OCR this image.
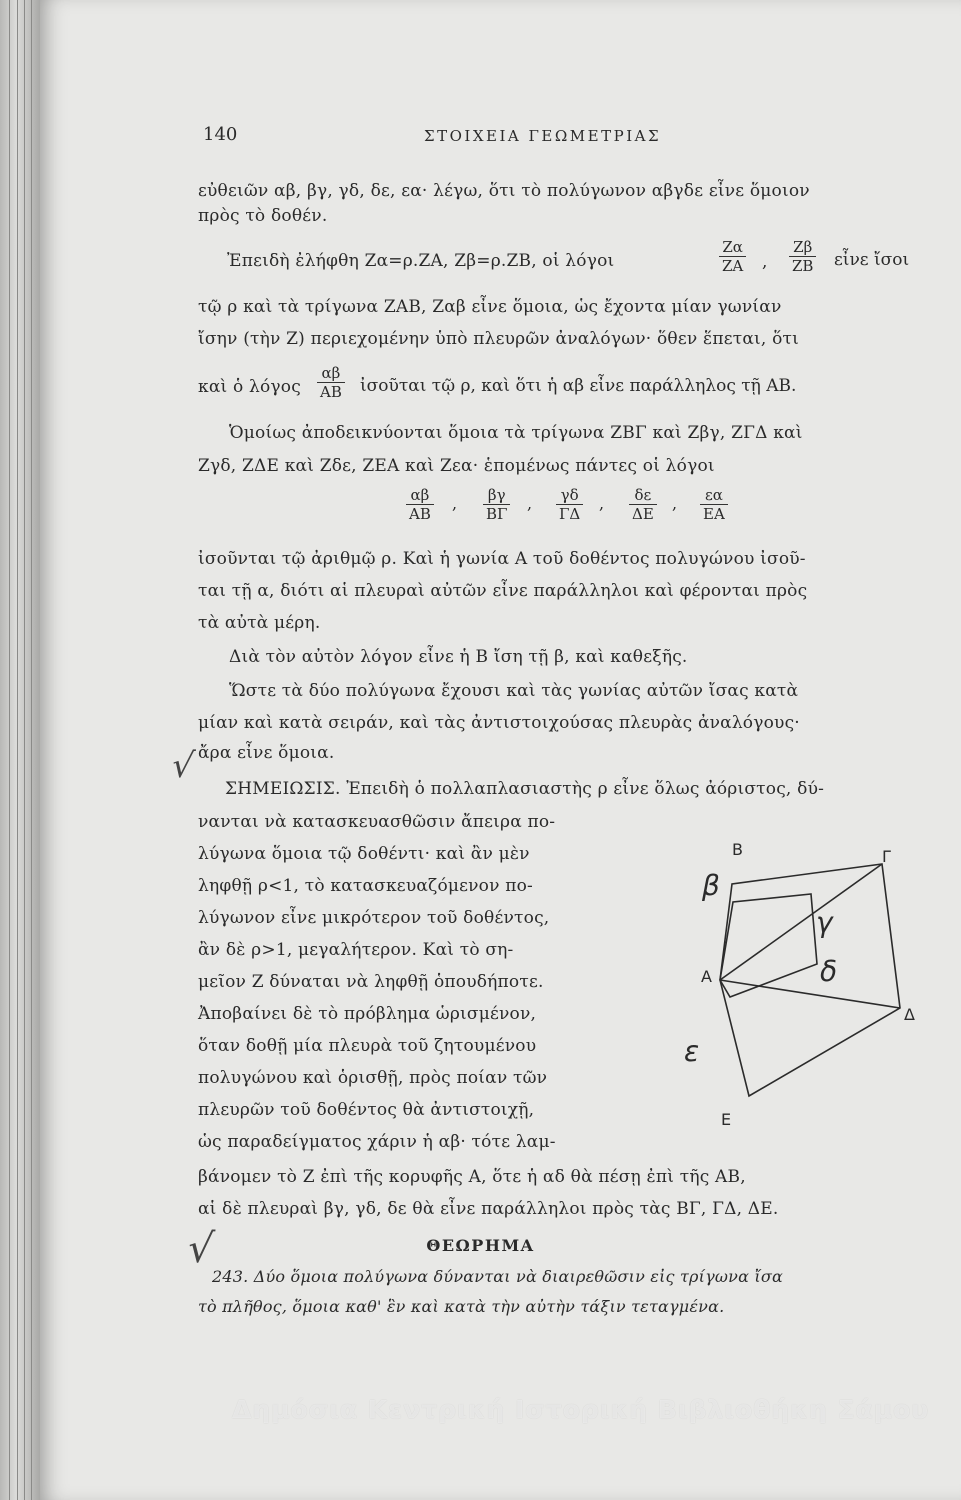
140	ΣΤΟΙΧΕΙΑ ΓΕΩΜΕΤΡΙΑΣ
εὐθειῶν αβ, βγ, γδ, δε, εα· λέγω, ὅτι τὸ πολύγωνον αβγδε εἶνε ὅμοιον
πρὸς τὸ δοθέν.
Ἐπειδὴ ἐλήφθη Ζα=ρ.ΖΑ, Ζβ=ρ.ΖΒ, οἱ λόγοι	$\frac{Z\alpha}{ZA}$ , $\frac{Z\beta}{ZB}$ εἶνε ἴσοι
τῷ ρ καὶ τὰ τρίγωνα ΖΑΒ, Ζαβ εἶνε ὅμοια, ὡς ἔχοντα μίαν γωνίαν
ἴσην (τὴν Ζ) περιεχομένην ὑπὸ πλευρῶν ἀναλόγων· ὅθεν ἕπεται, ὅτι
καὶ ὁ λόγος	$\frac{\alpha\beta}{AB}$ ἰσοῦται τῷ ρ, καὶ ὅτι ἡ αβ εἶνε παράλληλος τῇ ΑΒ.
Ὁμοίως ἀποδεικνύονται ὅμοια τὰ τρίγωνα ΖΒΓ καὶ Ζβγ, ΖΓΔ καὶ
Ζγδ, ΖΔΕ καὶ Ζδε, ΖΕΑ καὶ Ζεα· ἑπομένως πάντες οἱ λόγοι
$\frac{\alpha\beta}{AB}$ , $\frac{\beta\gamma}{B\Gamma}$ , $\frac{\gamma\delta}{\Gamma\Delta}$ , $\frac{\delta\varepsilon}{\Delta E}$ , $\frac{\varepsilon\alpha}{EA}$
ἰσοῦνται τῷ ἀριθμῷ ρ. Καὶ ἡ γωνία Α τοῦ δοθέντος πολυγώνου ἰσοῦ-
ται τῇ α, διότι αἱ πλευραὶ αὐτῶν εἶνε παράλληλοι καὶ φέρονται πρὸς
τὰ αὐτὰ μέρη.
Διὰ τὸν αὐτὸν λόγον εἶνε ἡ Β ἴση τῇ β, καὶ καθεξῆς.
Ὥστε τὰ δύο πολύγωνα ἔχουσι καὶ τὰς γωνίας αὐτῶν ἴσας κατὰ
μίαν καὶ κατὰ σειράν, καὶ τὰς ἀντιστοιχούσας πλευρὰς ἀναλόγους·
ἄρα εἶνε ὅμοια.
√
ΣΗΜΕΙΩΣΙΣ. Ἐπειδὴ ὁ πολλαπλασιαστὴς ρ εἶνε ὅλως ἀόριστος, δύ-
νανται νὰ κατασκευασθῶσιν ἄπειρα πο-
λύγωνα ὅμοια τῷ δοθέντι· καὶ ἂν μὲν
ληφθῇ ρ<1, τὸ κατασκευαζόμενον πο-
λύγωνον εἶνε μικρότερον τοῦ δοθέντος,
ἂν δὲ ρ>1, μεγαλήτερον. Καὶ τὸ ση-
μεῖον Ζ δύναται νὰ ληφθῇ ὁπουδήποτε.
Ἀποβαίνει δὲ τὸ πρόβλημα ὡρισμένον,
ὅταν δοθῇ μία πλευρὰ τοῦ ζητουμένου
πολυγώνου καὶ ὁρισθῇ, πρὸς ποίαν τῶν
πλευρῶν τοῦ δοθέντος θὰ ἀντιστοιχῇ,
ὡς παραδείγματος χάριν ἡ αβ· τότε λαμ-
βάνομεν τὸ Ζ ἐπὶ τῆς κορυφῆς Α, ὅτε ἡ αδ θὰ πέσῃ ἐπὶ τῆς ΑΒ,
αἱ δὲ πλευραὶ βγ, γδ, δε θὰ εἶνε παράλληλοι πρὸς τὰς ΒΓ, ΓΔ, ΔΕ.
Β	Γ
Α
Δ
Ε
β
γ
δ
ε
ΘΕΩΡΗΜΑ
√
243. Δύο ὅμοια πολύγωνα δύνανται νὰ διαιρεθῶσιν εἰς τρίγωνα ἴσα
τὸ πλῆθος, ὅμοια καθ' ἓν καὶ κατὰ τὴν αὐτὴν τάξιν τεταγμένα.
Δημόσια Κεντρική Ιστορική Βιβλιοθήκη Σάμου
